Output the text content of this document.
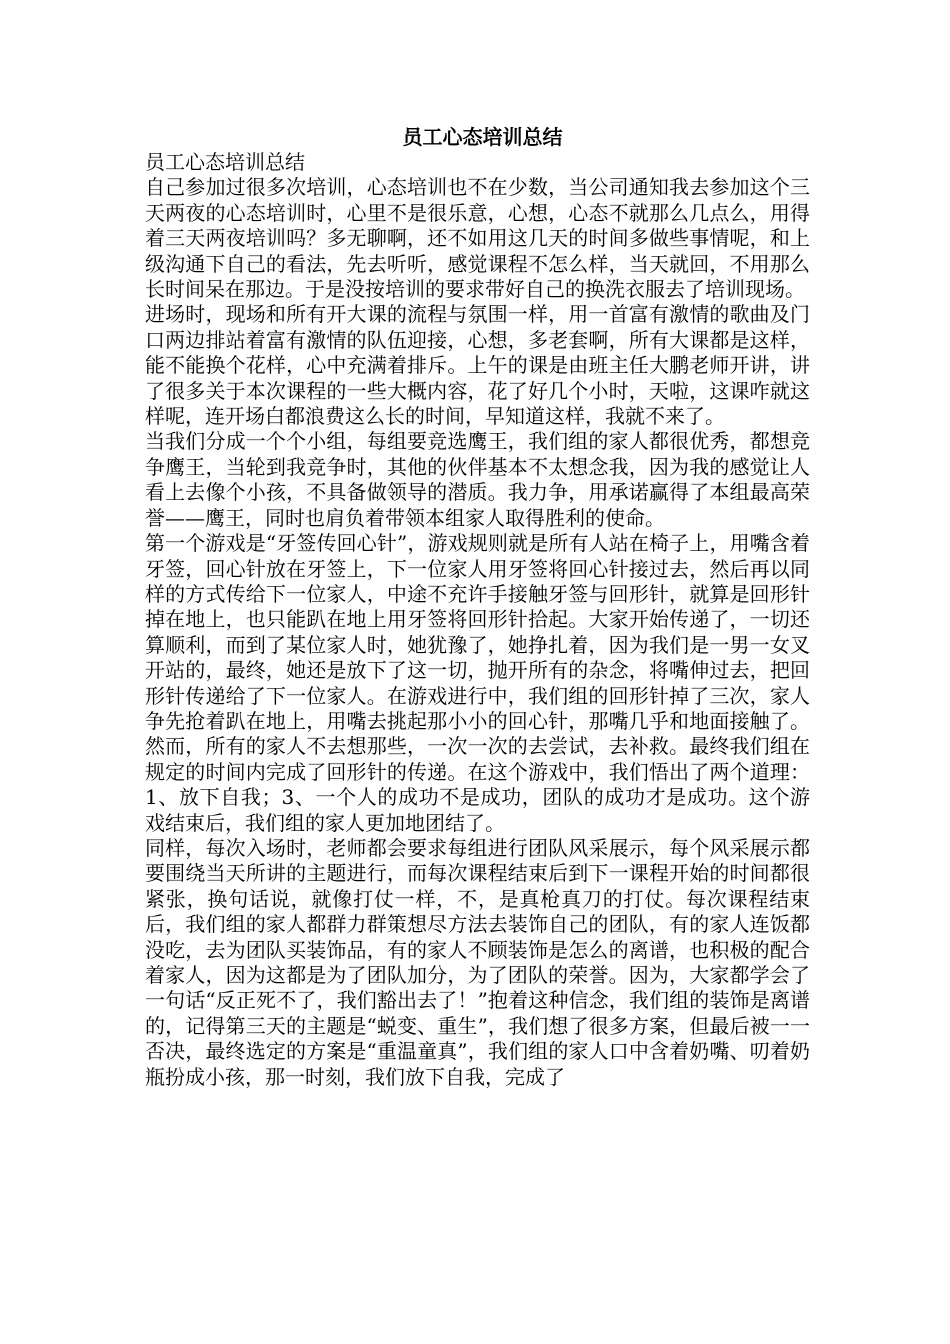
员工心态培训总结

员工心态培训总结

自己参加过很多次培训，心态培训也不在少数，当公司通知我去参加这个三天两夜的心态培训时，心里不是很乐意，心想，心态不就那么几点么，用得着三天两夜培训吗？多无聊啊，还不如用这几天的时间多做些事情呢，和上级沟通下自己的看法，先去听听，感觉课程不怎么样，当天就回，不用那么长时间呆在那边。于是没按培训的要求带好自己的换洗衣服去了培训现场。

进场时，现场和所有开大课的流程与氛围一样，用一首富有激情的歌曲及门口两边排站着富有激情的队伍迎接，心想，多老套啊，所有大课都是这样，能不能换个花样，心中充满着排斥。上午的课是由班主任大鹏老师开讲，讲了很多关于本次课程的一些大概内容，花了好几个小时，天啦，这课咋就这样呢，连开场白都浪费这么长的时间，早知道这样，我就不来了。

当我们分成一个个小组，每组要竞选鹰王，我们组的家人都很优秀，都想竞争鹰王，当轮到我竞争时，其他的伙伴基本不太想念我，因为我的感觉让人看上去像个小孩，不具备做领导的潜质。我力争，用承诺赢得了本组最高荣誉——鹰王，同时也肩负着带领本组家人取得胜利的使命。

第一个游戏是“牙签传回心针”，游戏规则就是所有人站在椅子上，用嘴含着牙签，回心针放在牙签上，下一位家人用牙签将回心针接过去，然后再以同样的方式传给下一位家人，中途不充许手接触牙签与回形针，就算是回形针掉在地上，也只能趴在地上用牙签将回形针拾起。大家开始传递了，一切还算顺利，而到了某位家人时，她犹豫了，她挣扎着，因为我们是一男一女叉开站的，最终，她还是放下了这一切，抛开所有的杂念，将嘴伸过去，把回形针传递给了下一位家人。在游戏进行中，我们组的回形针掉了三次，家人争先抢着趴在地上，用嘴去挑起那小小的回心针，那嘴几乎和地面接触了。然而，所有的家人不去想那些，一次一次的去尝试，去补救。最终我们组在规定的时间内完成了回形针的传递。在这个游戏中，我们悟出了两个道理：1、放下自我；3、一个人的成功不是成功，团队的成功才是成功。这个游戏结束后，我们组的家人更加地团结了。

同样，每次入场时，老师都会要求每组进行团队风采展示，每个风采展示都要围绕当天所讲的主题进行，而每次课程结束后到下一课程开始的时间都很紧张，换句话说，就像打仗一样，不，是真枪真刀的打仗。每次课程结束后，我们组的家人都群力群策想尽方法去装饰自己的团队，有的家人连饭都没吃，去为团队买装饰品，有的家人不顾装饰是怎么的离谱，也积极的配合着家人，因为这都是为了团队加分，为了团队的荣誉。因为，大家都学会了一句话“反正死不了，我们豁出去了！”抱着这种信念，我们组的装饰是离谱的，记得第三天的主题是“蜕变、重生”，我们想了很多方案，但最后被一一否决，最终选定的方案是“重温童真”，我们组的家人口中含着奶嘴、叨着奶瓶扮成小孩，那一时刻，我们放下自我，完成了
